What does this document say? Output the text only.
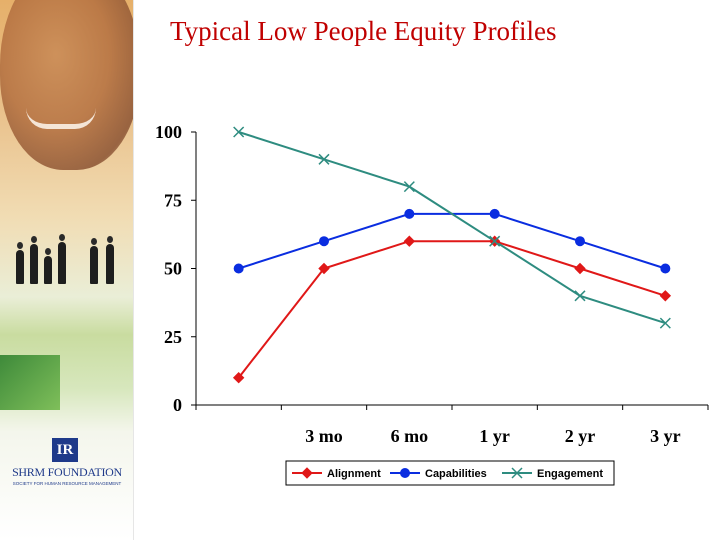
IR
SHRM FOUNDATION
SOCIETY FOR HUMAN RESOURCE MANAGEMENT
Typical Low People Equity Profiles
0
25
50
75
100
3 mo	6 mo	1 yr	2 yr	3 yr
Alignment	Capabilities	Engagement
